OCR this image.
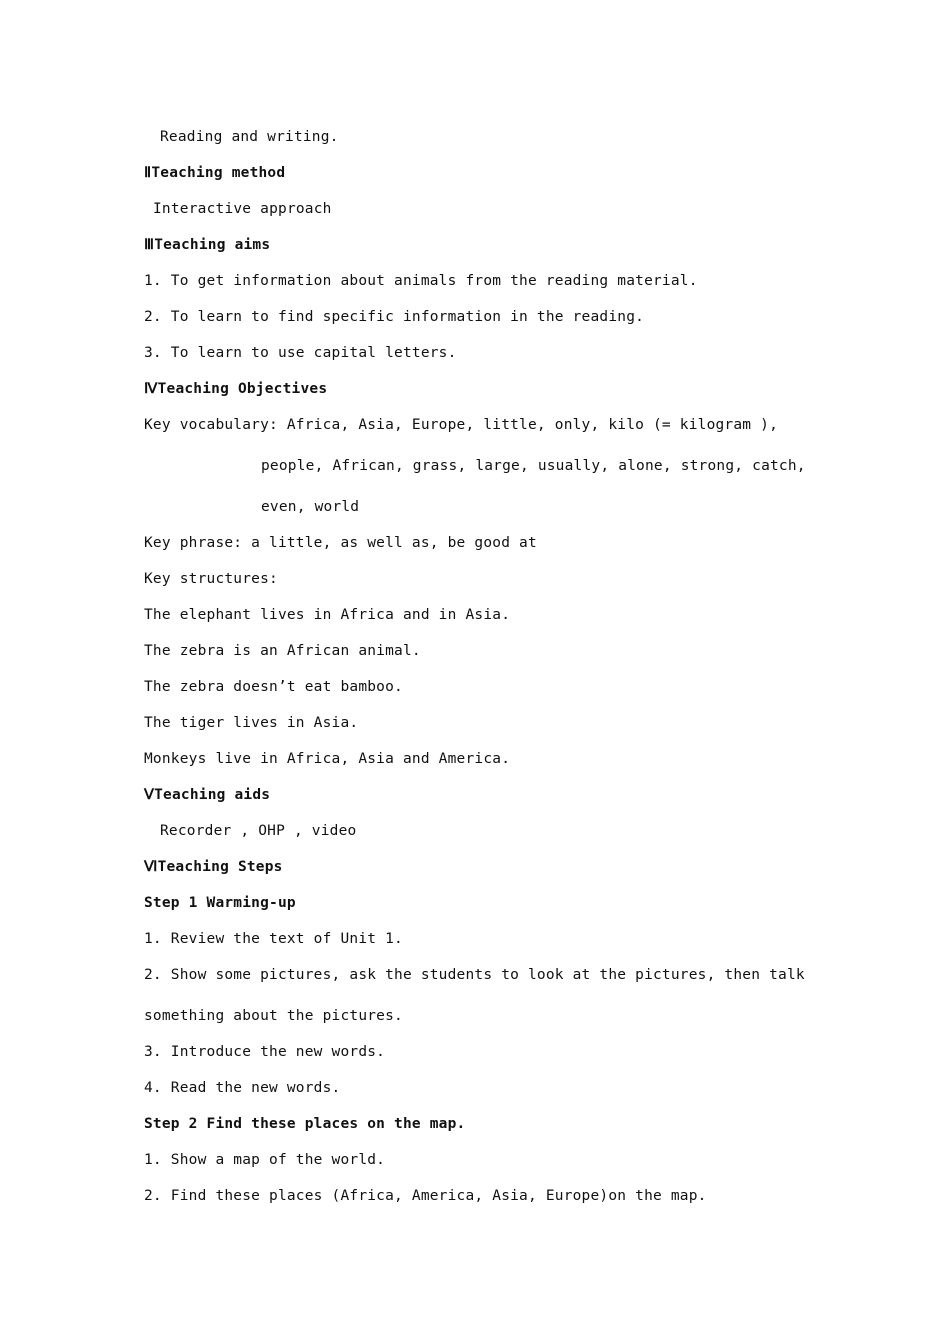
Reading and writing.
ⅡTeaching method
Interactive approach
ⅢTeaching aims
1. To get information about animals from the reading material.
2. To learn to find specific information in the reading.
3. To learn to use capital letters.
ⅣTeaching Objectives
Key vocabulary: Africa, Asia, Europe, little, only, kilo (= kilogram ),
people, African, grass, large, usually, alone, strong, catch,
even, world
Key phrase: a little, as well as, be good at
Key structures:
The elephant lives in Africa and in Asia.
The zebra is an African animal.
The zebra doesn’t eat bamboo.
The tiger lives in Asia.
Monkeys live in Africa, Asia and America.
ⅤTeaching aids
Recorder , OHP , video
ⅥTeaching Steps
Step 1 Warming-up
1. Review the text of Unit 1.
2. Show some pictures, ask the students to look at the pictures, then talk
something about the pictures.
3. Introduce the new words.
4. Read the new words.
Step 2 Find these places on the map.
1. Show a map of the world.
2. Find these places (Africa, America, Asia, Europe)on the map.
